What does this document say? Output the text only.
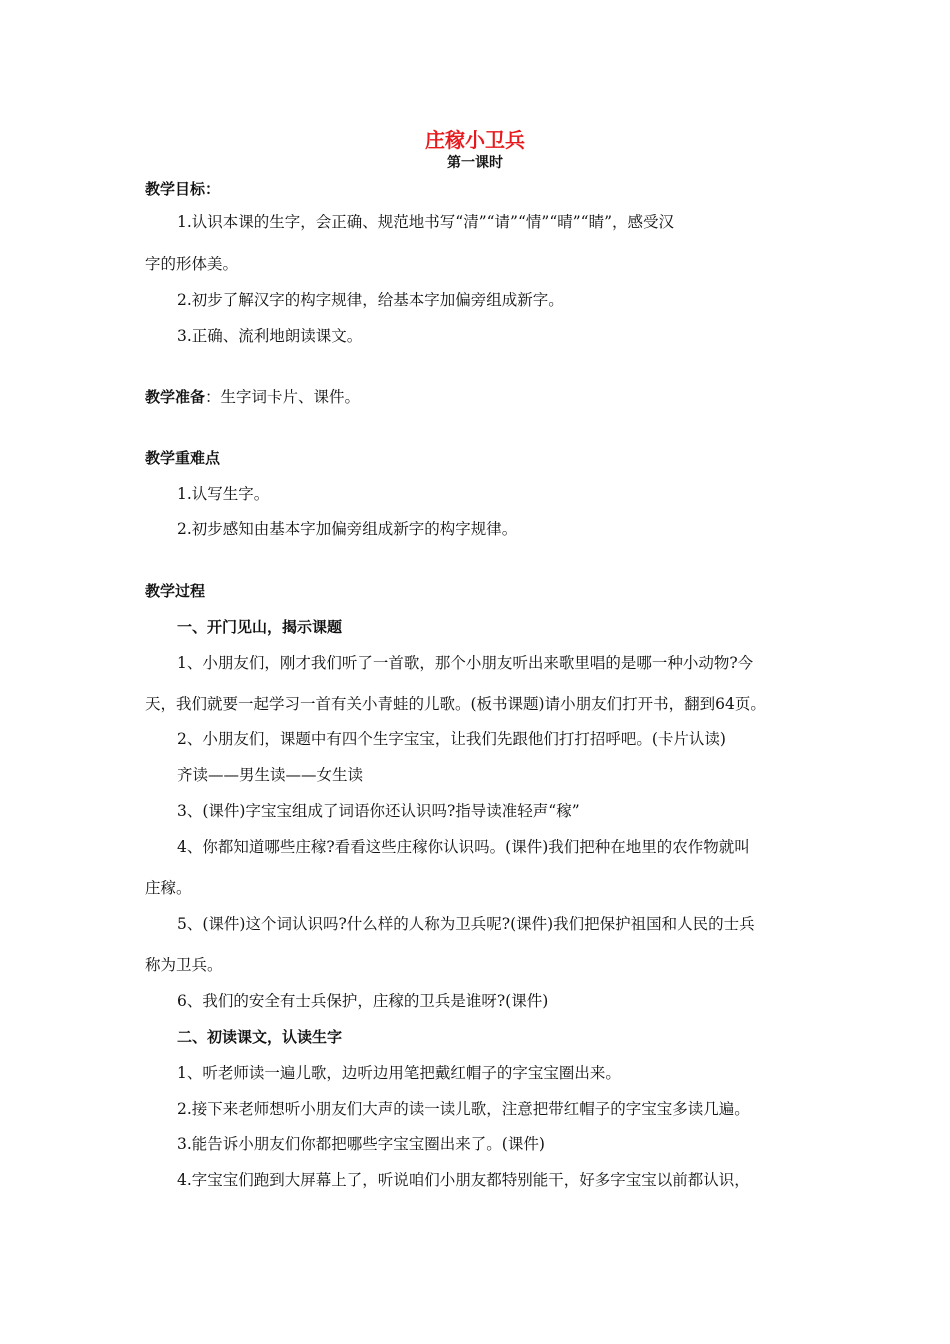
庄稼小卫兵
第一课时
教学目标：
1.认识本课的生字，会正确、规范地书写“清”“请”“情”“晴”“睛”，感受汉
字的形体美。
2.初步了解汉字的构字规律，给基本字加偏旁组成新字。
3.正确、流利地朗读课文。
教学准备：生字词卡片、课件。
教学重难点
1.认写生字。
2.初步感知由基本字加偏旁组成新字的构字规律。
教学过程
一、开门见山，揭示课题
1、小朋友们，刚才我们听了一首歌，那个小朋友听出来歌里唱的是哪一种小动物?今
天，我们就要一起学习一首有关小青蛙的儿歌。(板书课题)请小朋友们打开书，翻到64页。
2、小朋友们，课题中有四个生字宝宝，让我们先跟他们打打招呼吧。(卡片认读)
齐读——男生读——女生读
3、(课件)字宝宝组成了词语你还认识吗?指导读准轻声“稼”
4、你都知道哪些庄稼?看看这些庄稼你认识吗。(课件)我们把种在地里的农作物就叫
庄稼。
5、(课件)这个词认识吗?什么样的人称为卫兵呢?(课件)我们把保护祖国和人民的士兵
称为卫兵。
6、我们的安全有士兵保护，庄稼的卫兵是谁呀?(课件)
二、初读课文，认读生字
1、听老师读一遍儿歌，边听边用笔把戴红帽子的字宝宝圈出来。
2.接下来老师想听小朋友们大声的读一读儿歌，注意把带红帽子的字宝宝多读几遍。
3.能告诉小朋友们你都把哪些字宝宝圈出来了。(课件)
4.字宝宝们跑到大屏幕上了，听说咱们小朋友都特别能干，好多字宝宝以前都认识，
